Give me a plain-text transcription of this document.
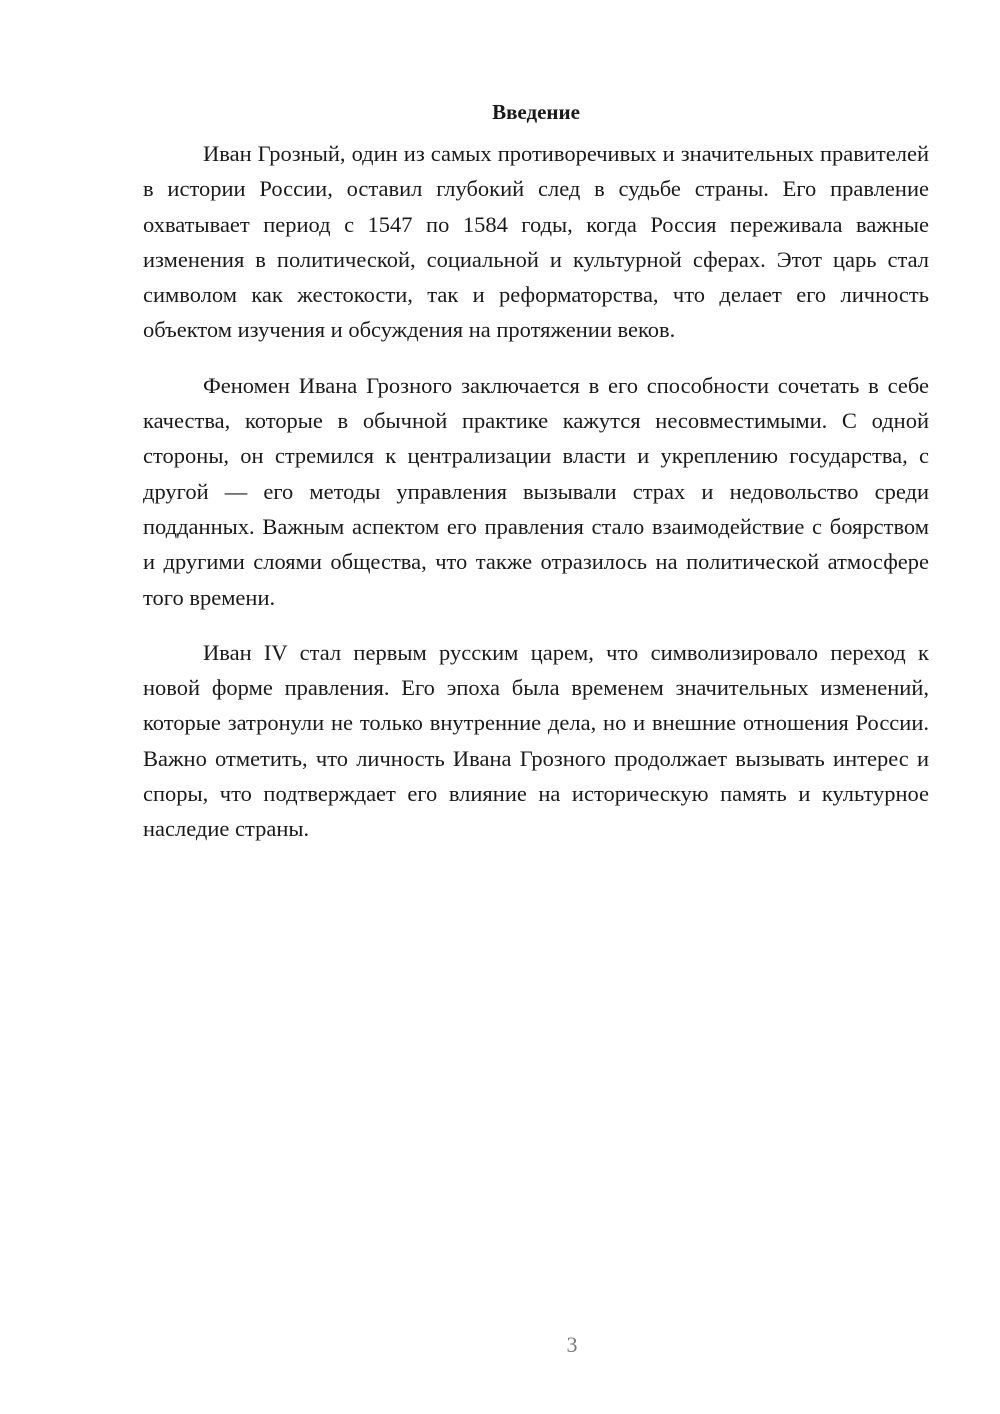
Введение

Иван Грозный, один из самых противоречивых и значительных правителей в истории России, оставил глубокий след в судьбе страны. Его правление охватывает период с 1547 по 1584 годы, когда Россия переживала важные изменения в политической, социальной и культурной сферах. Этот царь стал символом как жестокости, так и реформаторства, что делает его личность объектом изучения и обсуждения на протяжении веков.

Феномен Ивана Грозного заключается в его способности сочетать в себе качества, которые в обычной практике кажутся несовместимыми. С одной стороны, он стремился к централизации власти и укреплению государства, с другой — его методы управления вызывали страх и недовольство среди подданных. Важным аспектом его правления стало взаимодействие с боярством и другими слоями общества, что также отразилось на политической атмосфере того времени.

Иван IV стал первым русским царем, что символизировало переход к новой форме правления. Его эпоха была временем значительных изменений, которые затронули не только внутренние дела, но и внешние отношения России. Важно отметить, что личность Ивана Грозного продолжает вызывать интерес и споры, что подтверждает его влияние на историческую память и культурное наследие страны.

3
